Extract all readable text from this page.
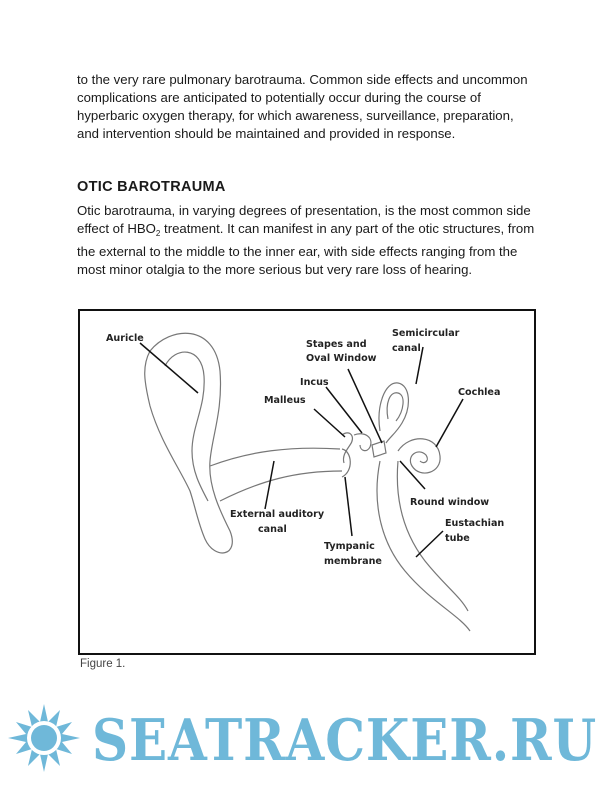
to the very rare pulmonary barotrauma. Common side effects and uncommon complications are anticipated to potentially occur during the course of hyperbaric oxygen therapy, for which awareness, surveillance, preparation, and intervention should be maintained and provided in response.

OTIC BAROTRAUMA

Otic barotrauma, in varying degrees of presentation, is the most common side effect of $HBO_2$ treatment. It can manifest in any part of the otic structures, from the external to the middle to the inner ear, with side effects ranging from the most minor otalgia to the more serious but very rare loss of hearing.

Auricle
Stapes and
Oval Window
Semicircular
canal
Incus
Malleus
Cochlea
Round window
External auditory
canal
Eustachian
tube
Tympanic
membrane

Figure 1.

SEATRACKER.RU
